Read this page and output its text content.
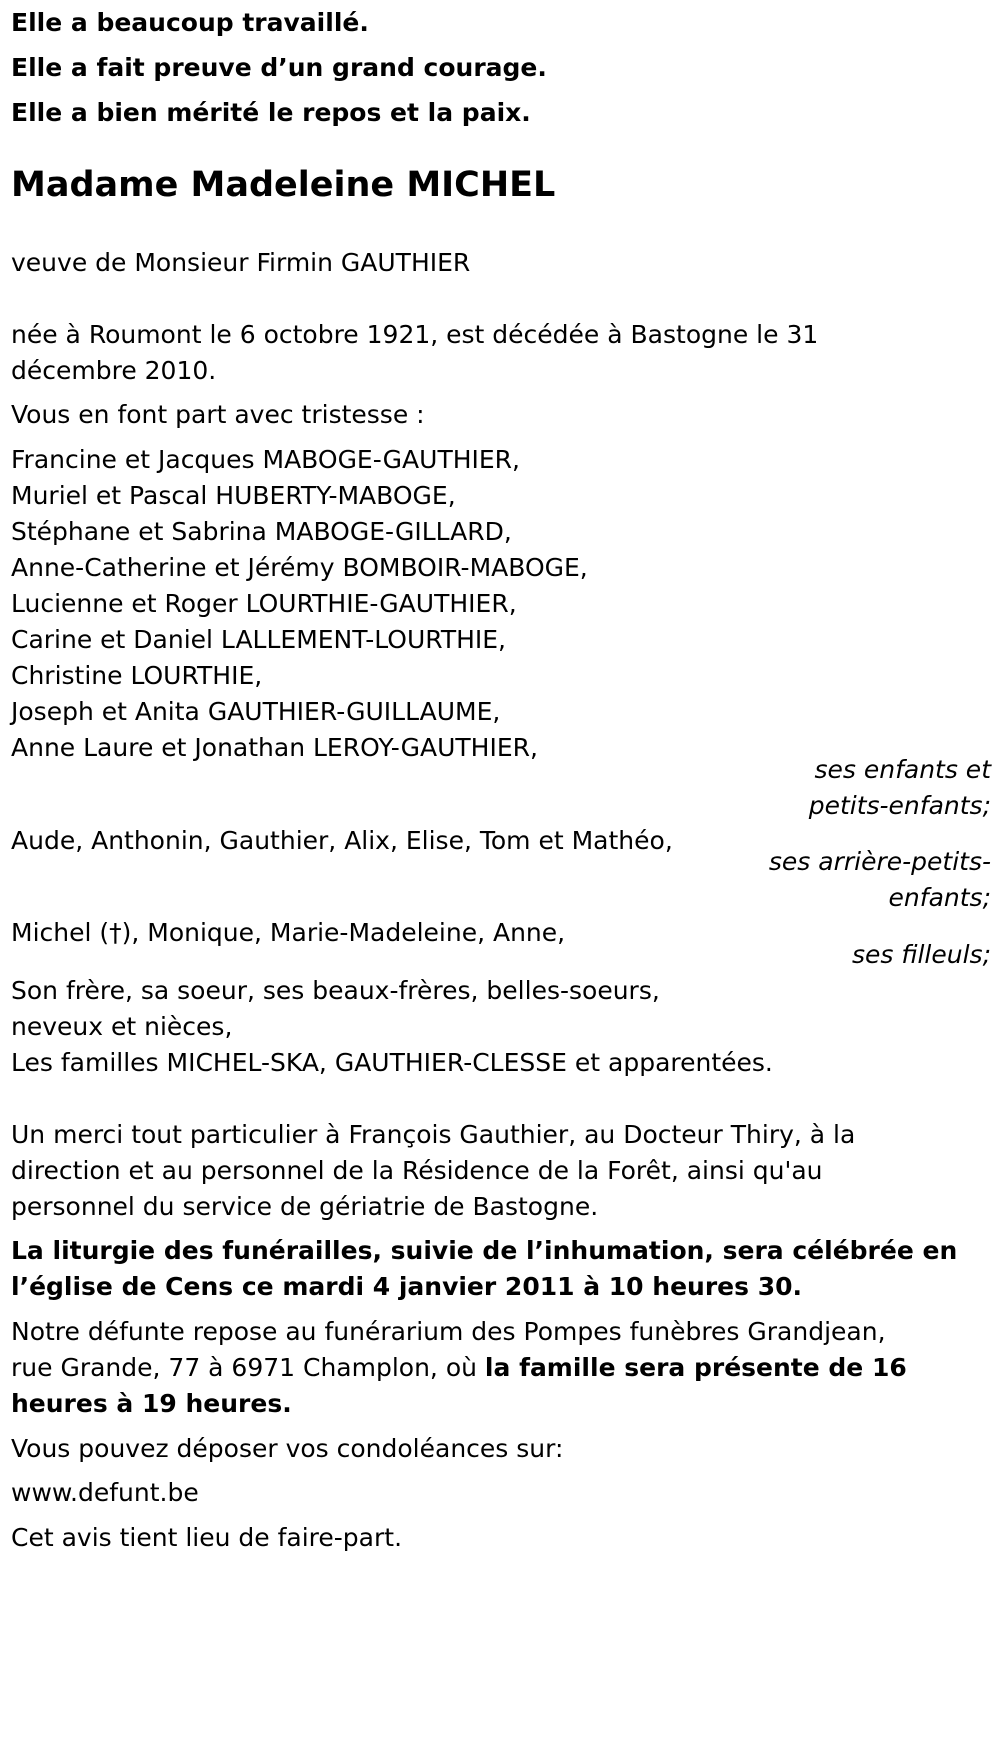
Elle a beaucoup travaillé.
Elle a fait preuve d’un grand courage.
Elle a bien mérité le repos et la paix.
Madame Madeleine MICHEL
veuve de Monsieur Firmin GAUTHIER
née à Roumont le 6 octobre 1921, est décédée à Bastogne le 31
décembre 2010.
Vous en font part avec tristesse :
Francine et Jacques MABOGE-GAUTHIER,
Muriel et Pascal HUBERTY-MABOGE,
Stéphane et Sabrina MABOGE-GILLARD,
Anne-Catherine et Jérémy BOMBOIR-MABOGE,
Lucienne et Roger LOURTHIE-GAUTHIER,
Carine et Daniel LALLEMENT-LOURTHIE,
Christine LOURTHIE,
Joseph et Anita GAUTHIER-GUILLAUME,
Anne Laure et Jonathan LEROY-GAUTHIER,
ses enfants et
petits-enfants;
Aude, Anthonin, Gauthier, Alix, Elise, Tom et Mathéo,
ses arrière-petits-
enfants;
Michel (†), Monique, Marie-Madeleine, Anne,
ses filleuls;
Son frère, sa soeur, ses beaux-frères, belles-soeurs,
neveux et nièces,
Les familles MICHEL-SKA, GAUTHIER-CLESSE et apparentées.
Un merci tout particulier à François Gauthier, au Docteur Thiry, à la
direction et au personnel de la Résidence de la Forêt, ainsi qu'au
personnel du service de gériatrie de Bastogne.
La liturgie des funérailles, suivie de l’inhumation, sera célébrée en
l’église de Cens ce mardi 4 janvier 2011 à 10 heures 30.
Notre défunte repose au funérarium des Pompes funèbres Grandjean,
rue Grande, 77 à 6971 Champlon, où la famille sera présente de 16
heures à 19 heures.
Vous pouvez déposer vos condoléances sur:
www.defunt.be
Cet avis tient lieu de faire-part.
